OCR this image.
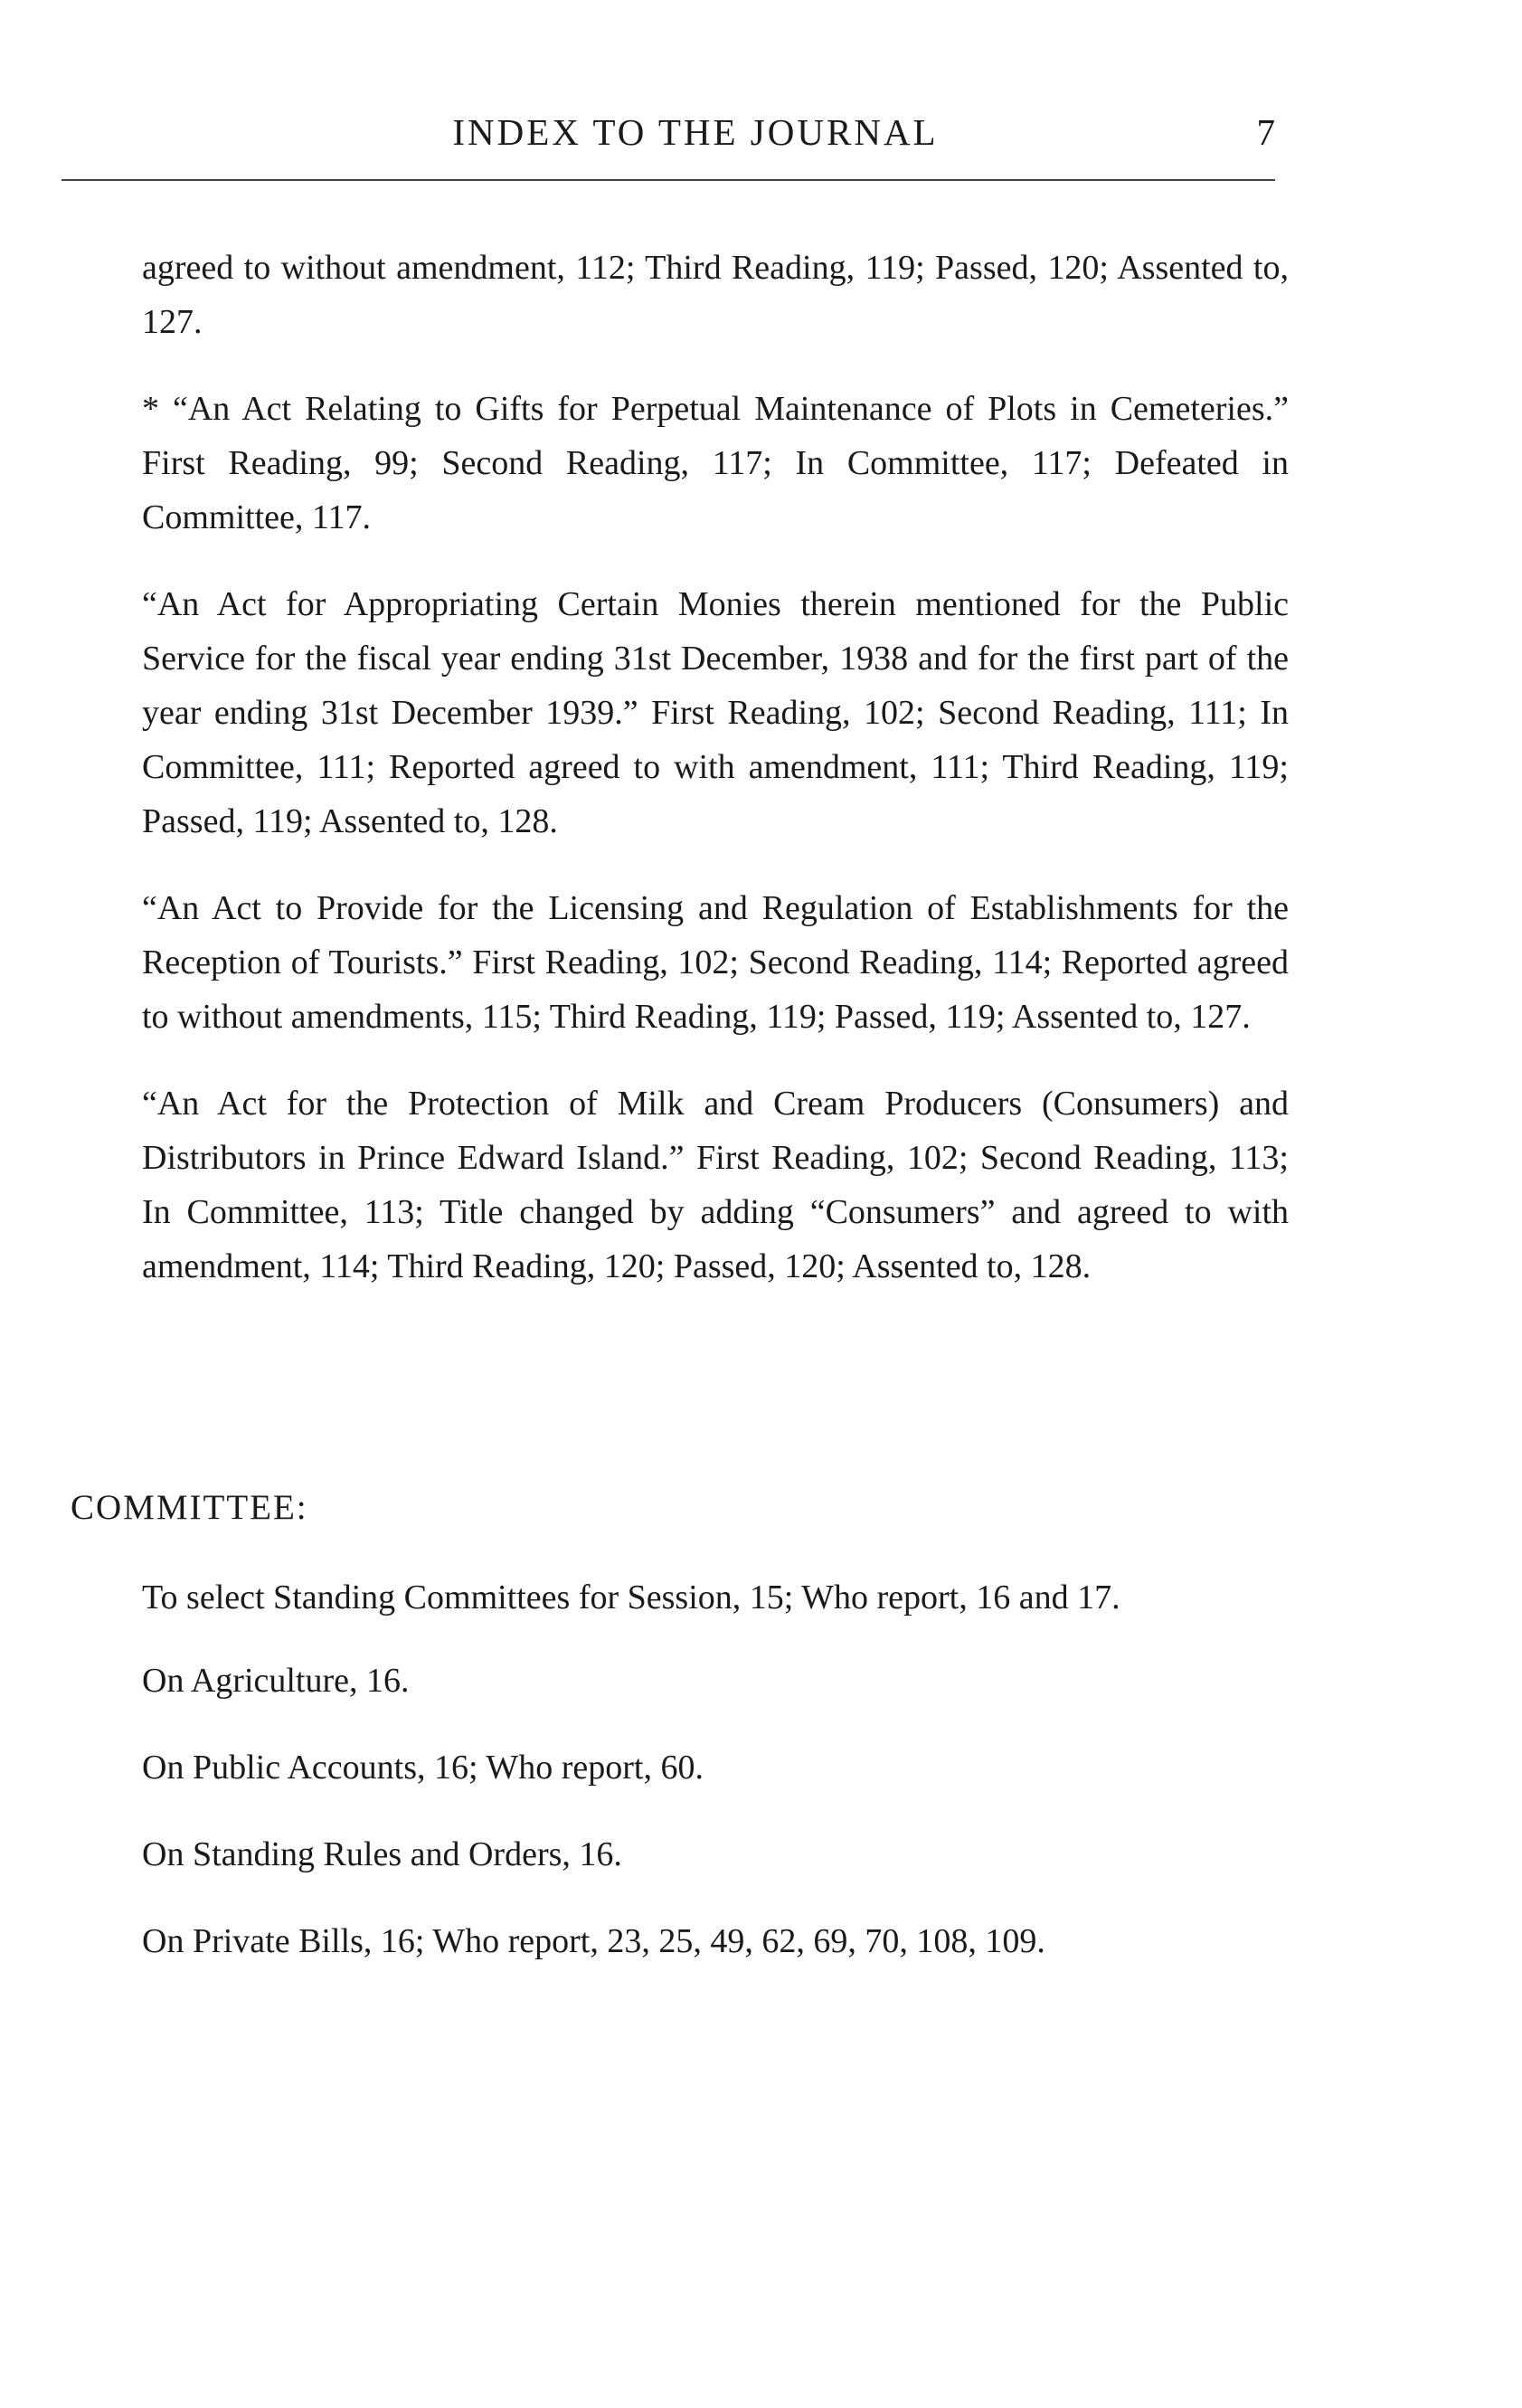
INDEX TO THE JOURNAL	7

agreed to without amendment, 112; Third Reading, 119; Passed, 120; Assented to, 127.

* “An Act Relating to Gifts for Perpetual Maintenance of Plots in Cemeteries.” First Reading, 99; Second Reading, 117; In Committee, 117; Defeated in Committee, 117.

“An Act for Appropriating Certain Monies therein mentioned for the Public Service for the fiscal year ending 31st December, 1938 and for the first part of the year ending 31st December 1939.” First Reading, 102; Second Reading, 111; In Committee, 111; Reported agreed to with amendment, 111; Third Reading, 119; Passed, 119; Assented to, 128.

“An Act to Provide for the Licensing and Regulation of Establishments for the Reception of Tourists.” First Reading, 102; Second Reading, 114; Reported agreed to without amendments, 115; Third Reading, 119; Passed, 119; Assented to, 127.

“An Act for the Protection of Milk and Cream Producers (Consumers) and Distributors in Prince Edward Island.” First Reading, 102; Second Reading, 113; In Committee, 113; Title changed by adding “Consumers” and agreed to with amendment, 114; Third Reading, 120; Passed, 120; Assented to, 128.

COMMITTEE:

To select Standing Committees for Session, 15; Who report, 16 and 17.

On Agriculture, 16.

On Public Accounts, 16; Who report, 60.

On Standing Rules and Orders, 16.

On Private Bills, 16; Who report, 23, 25, 49, 62, 69, 70, 108, 109.
